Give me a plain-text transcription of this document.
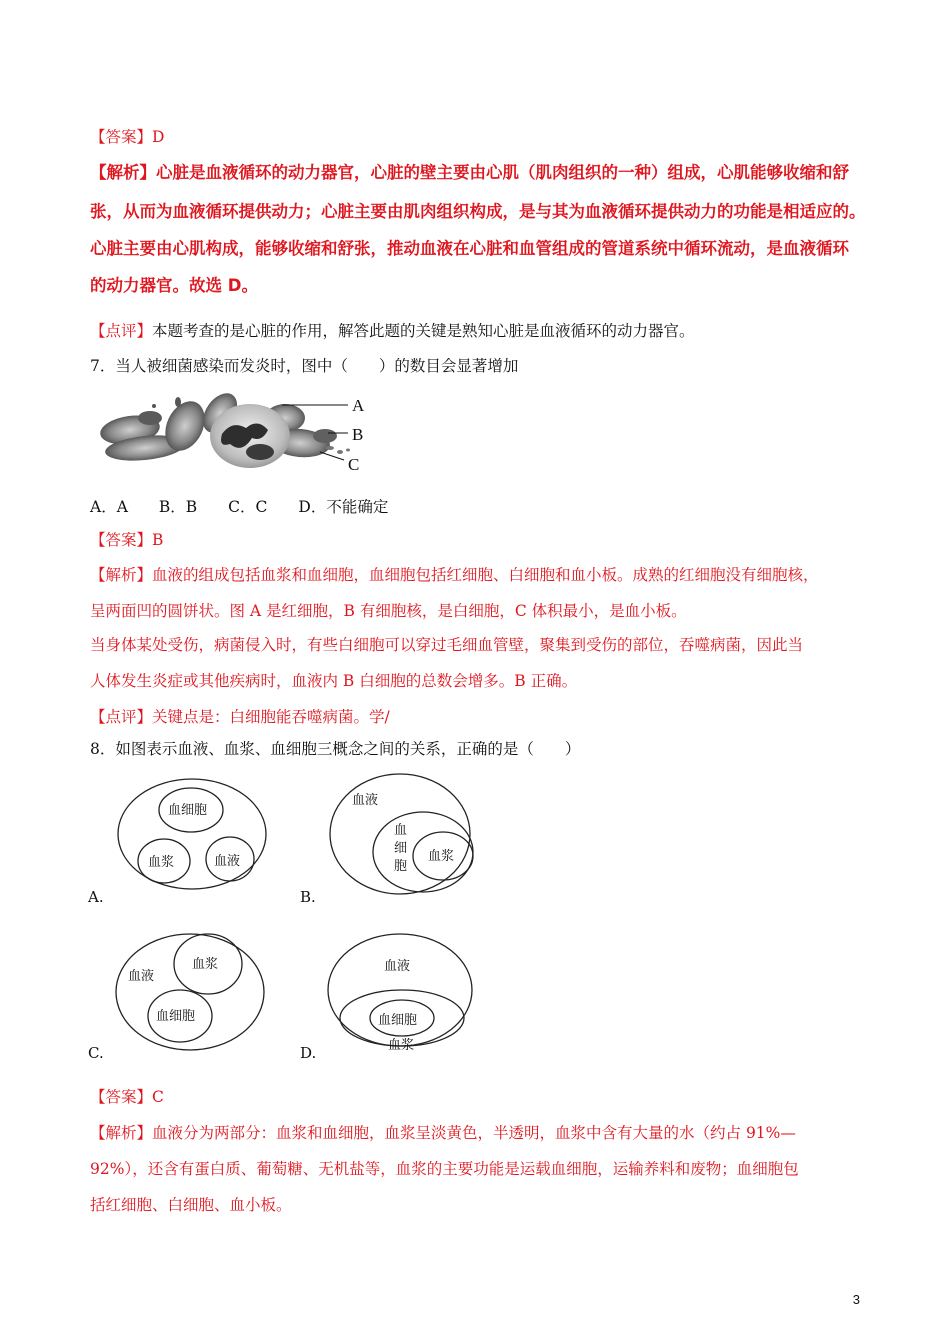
【答案】D
【解析】心脏是血液循环的动力器官，心脏的壁主要由心肌（肌肉组织的一种）组成，心肌能够收缩和舒
张，从而为血液循环提供动力；心脏主要由肌肉组织构成，是与其为血液循环提供动力的功能是相适应的。
心脏主要由心肌构成，能够收缩和舒张，推动血液在心脏和血管组成的管道系统中循环流动，是血液循环
的动力器官。故选 D。
【点评】本题考查的是心脏的作用，解答此题的关键是熟知心脏是血液循环的动力器官。
7．当人被细菌感染而发炎时，图中（　　）的数目会显著增加
A
B
C
A．A　　B．B　　C．C　　D．不能确定
【答案】B
【解析】血液的组成包括血浆和血细胞，血细胞包括红细胞、白细胞和血小板。成熟的红细胞没有细胞核，
呈两面凹的圆饼状。图 A 是红细胞，B 有细胞核，是白细胞，C 体积最小，是血小板。
当身体某处受伤，病菌侵入时，有些白细胞可以穿过毛细血管壁，聚集到受伤的部位，吞噬病菌，因此当
人体发生炎症或其他疾病时，血液内 B 白细胞的总数会增多。B 正确。
【点评】关键点是：白细胞能吞噬病菌。学/
8．如图表示血液、血浆、血细胞三概念之间的关系，正确的是（　　）
血细胞
血浆	血液
A.
血液
血
细
胞
血浆
B.
血液
血浆
血细胞
C.
血液
血细胞
血浆
D.
【答案】C
【解析】血液分为两部分：血浆和血细胞，血浆呈淡黄色，半透明，血浆中含有大量的水（约占 91%—
92%），还含有蛋白质、葡萄糖、无机盐等，血浆的主要功能是运载血细胞，运输养料和废物；血细胞包
括红细胞、白细胞、血小板。
3
